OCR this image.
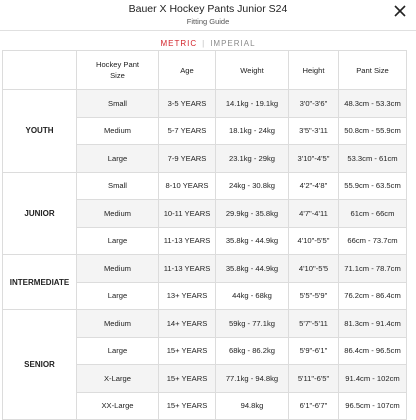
Bauer X Hockey Pants Junior S24
Fitting Guide
METRIC | IMPERIAL

	Hockey Pant Size	Age	Weight	Height	Pant Size
YOUTH	Small	3-5 YEARS	14.1kg - 19.1kg	3'0"-3'6"	48.3cm - 53.3cm
	Medium	5-7 YEARS	18.1kg - 24kg	3'5"-3'11	50.8cm - 55.9cm
	Large	7-9 YEARS	23.1kg - 29kg	3'10"-4'5"	53.3cm - 61cm
JUNIOR	Small	8-10 YEARS	24kg - 30.8kg	4'2"-4'8"	55.9cm - 63.5cm
	Medium	10-11 YEARS	29.9kg - 35.8kg	4'7"-4'11	61cm - 66cm
	Large	11-13 YEARS	35.8kg - 44.9kg	4'10"-5'5"	66cm - 73.7cm
INTERMEDIATE	Medium	11-13 YEARS	35.8kg - 44.9kg	4'10"-5'5	71.1cm - 78.7cm
	Large	13+ YEARS	44kg - 68kg	5'5"-5'9"	76.2cm - 86.4cm
SENIOR	Medium	14+ YEARS	59kg - 77.1kg	5'7"-5'11	81.3cm - 91.4cm
	Large	15+ YEARS	68kg - 86.2kg	5'9"-6'1"	86.4cm - 96.5cm
	X-Large	15+ YEARS	77.1kg - 94.8kg	5'11"-6'5"	91.4cm - 102cm
	XX-Large	15+ YEARS	94.8kg	6'1"-6'7"	96.5cm - 107cm
